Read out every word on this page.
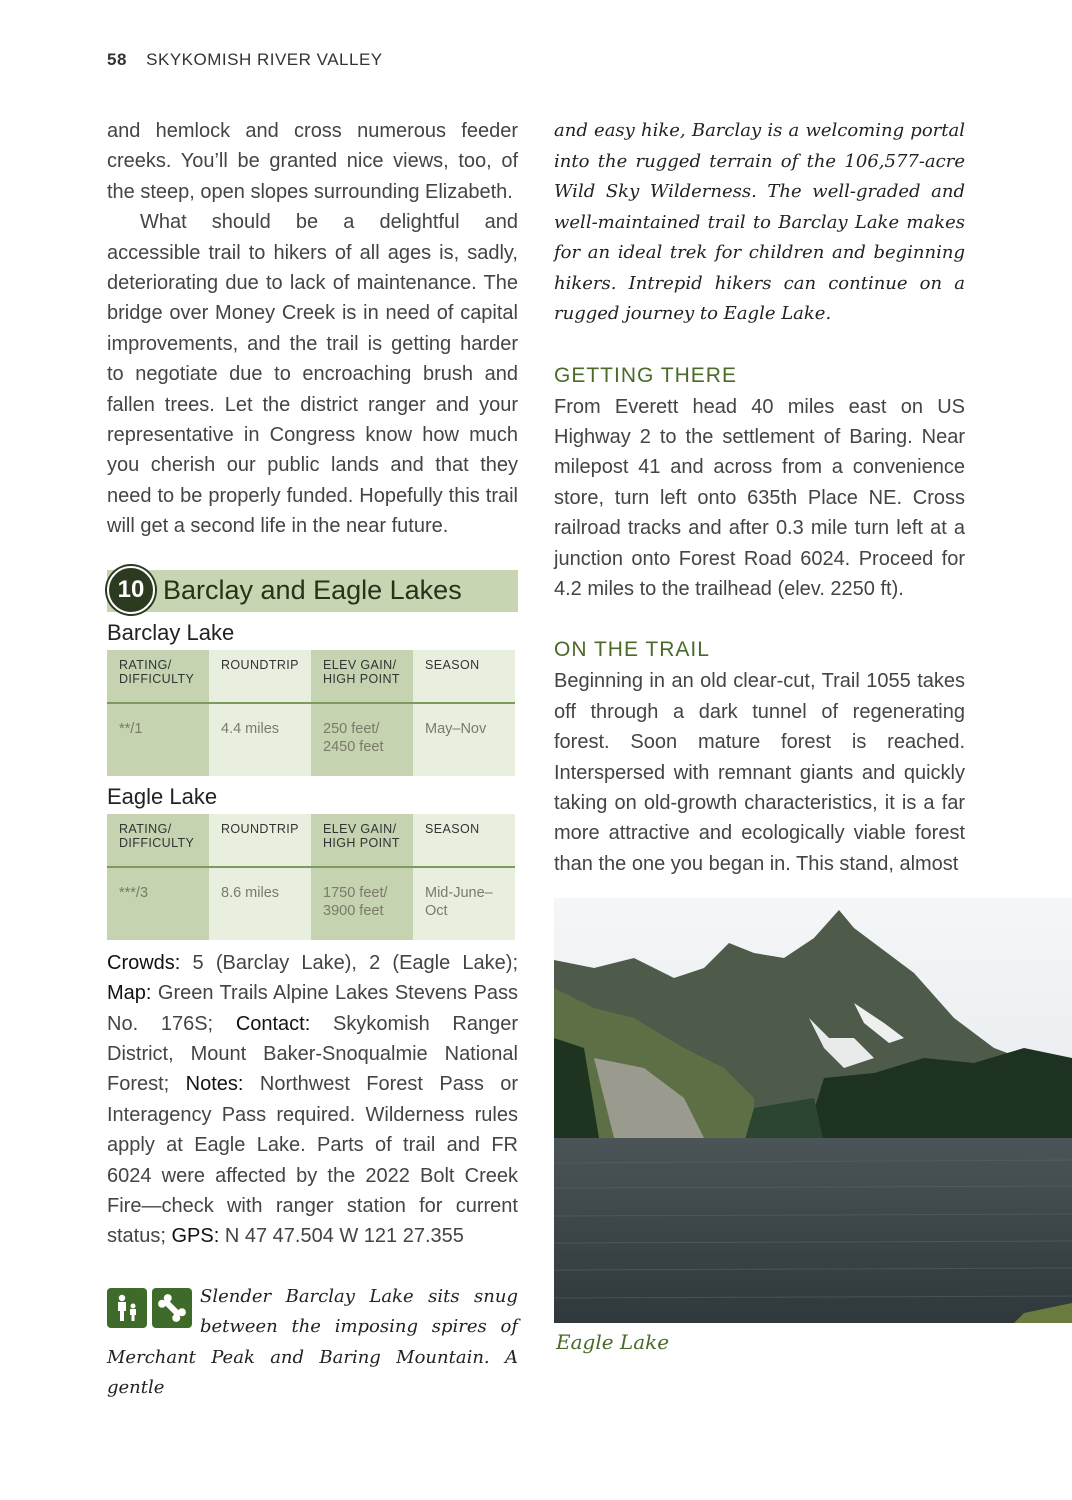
58 SKYKOMISH RIVER VALLEY

and hemlock and cross numerous feeder creeks. You’ll be granted nice views, too, of the steep, open slopes surrounding Elizabeth.

What should be a delightful and accessible trail to hikers of all ages is, sadly, deteriorating due to lack of maintenance. The bridge over Money Creek is in need of capital improvements, and the trail is getting harder to negotiate due to encroaching brush and fallen trees. Let the district ranger and your representative in Congress know how much you cherish our public lands and that they need to be properly funded. Hopefully this trail will get a second life in the near future.

10 Barclay and Eagle Lakes
Barclay Lake
RATING/ DIFFICULTY	ROUNDTRIP	ELEV GAIN/ HIGH POINT	SEASON
**/1	4.4 miles	250 feet/ 2450 feet	May–Nov
Eagle Lake
RATING/ DIFFICULTY	ROUNDTRIP	ELEV GAIN/ HIGH POINT	SEASON
***/3	8.6 miles	1750 feet/ 3900 feet	Mid-June–Oct
Crowds: 5 (Barclay Lake), 2 (Eagle Lake); Map: Green Trails Alpine Lakes Stevens Pass No. 176S; Contact: Skykomish Ranger District, Mount Baker-Snoqualmie National Forest; Notes: Northwest Forest Pass or Interagency Pass required. Wilderness rules apply at Eagle Lake. Parts of trail and FR 6024 were affected by the 2022 Bolt Creek Fire—check with ranger station for current status; GPS: N 47 47.504 W 121 27.355

Slender Barclay Lake sits snug between the imposing spires of Merchant Peak and Baring Mountain. A gentle

and easy hike, Barclay is a welcoming portal into the rugged terrain of the 106,577-acre Wild Sky Wilderness. The well-graded and well-maintained trail to Barclay Lake makes for an ideal trek for children and beginning hikers. Intrepid hikers can continue on a rugged journey to Eagle Lake.

GETTING THERE

From Everett head 40 miles east on US Highway 2 to the settlement of Baring. Near milepost 41 and across from a convenience store, turn left onto 635th Place NE. Cross railroad tracks and after 0.3 mile turn left at a junction onto Forest Road 6024. Proceed for 4.2 miles to the trailhead (elev. 2250 ft).

ON THE TRAIL

Beginning in an old clear-cut, Trail 1055 takes off through a dark tunnel of regenerating forest. Soon mature forest is reached. Interspersed with remnant giants and quickly taking on old-growth characteristics, it is a far more attractive and ecologically viable forest than the one you began in. This stand, almost

Eagle Lake
